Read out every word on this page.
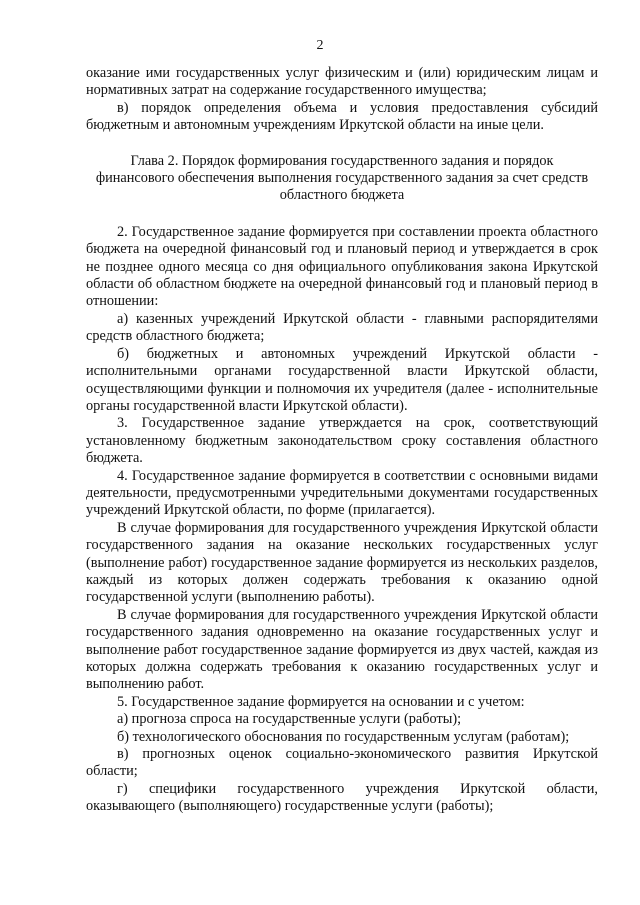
2

оказание ими государственных услуг физическим и (или) юридическим лицам и нормативных затрат на содержание государственного имущества;

в) порядок определения объема и условия предоставления субсидий бюджетным и автономным учреждениям Иркутской области на иные цели.

Глава 2. Порядок формирования государственного задания и порядок финансового обеспечения выполнения государственного задания за счет средств областного бюджета

2. Государственное задание формируется при составлении проекта областного бюджета на очередной финансовый год и плановый период и утверждается в срок не позднее одного месяца со дня официального опубликования закона Иркутской области об областном бюджете на очередной финансовый год и плановый период в отношении:

а) казенных учреждений Иркутской области - главными распорядителями средств областного бюджета;

б) бюджетных и автономных учреждений Иркутской области - исполнительными органами государственной власти Иркутской области, осуществляющими функции и полномочия их учредителя (далее - исполнительные органы государственной власти Иркутской области).

3. Государственное задание утверждается на срок, соответствующий установленному бюджетным законодательством сроку составления областного бюджета.

4. Государственное задание формируется в соответствии с основными видами деятельности, предусмотренными учредительными документами государственных учреждений Иркутской области, по форме (прилагается).

В случае формирования для государственного учреждения Иркутской области государственного задания на оказание нескольких государственных услуг (выполнение работ) государственное задание формируется из нескольких разделов, каждый из которых должен содержать требования к оказанию одной государственной услуги (выполнению работы).

В случае формирования для государственного учреждения Иркутской области государственного задания одновременно на оказание государственных услуг и выполнение работ государственное задание формируется из двух частей, каждая из которых должна содержать требования к оказанию государственных услуг и выполнению работ.

5. Государственное задание формируется на основании и с учетом:

а) прогноза спроса на государственные услуги (работы);

б) технологического обоснования по государственным услугам (работам);

в) прогнозных оценок социально-экономического развития Иркутской области;

г) специфики государственного учреждения Иркутской области, оказывающего (выполняющего) государственные услуги (работы);
